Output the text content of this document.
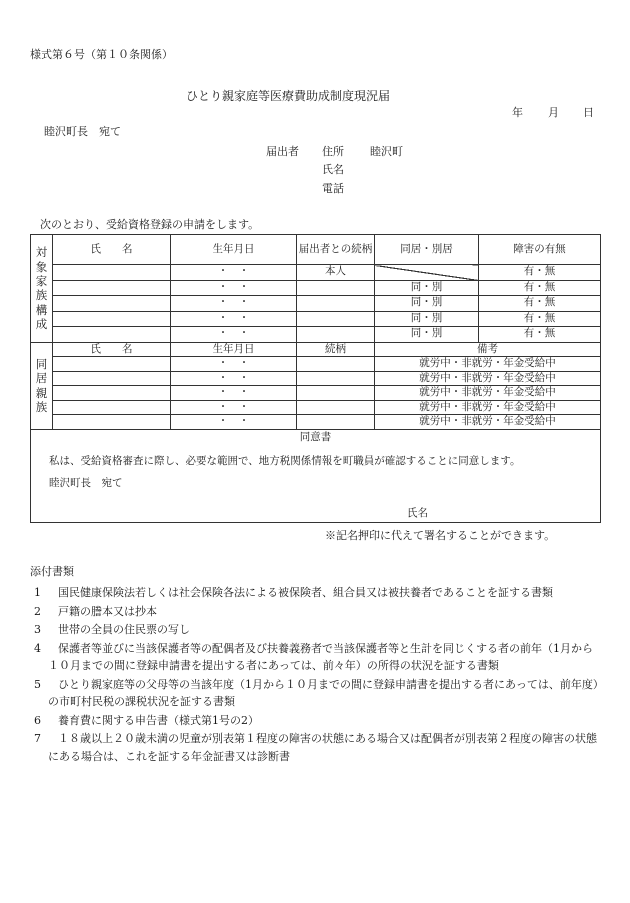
様式第６号（第１０条関係）
ひとり親家庭等医療費助成制度現況届
年 月 日
睦沢町長　宛て
届出者 住所 睦沢町
氏名
電話
次のとおり、受給資格登録の申請をします。
対象家族構成	氏　　名	生年月日	届出者との続柄	同居・別居	障害の有無
		・　・	本人		有・無
		・　・		同・別	有・無
		・　・		同・別	有・無
		・　・		同・別	有・無
		・　・		同・別	有・無
同居親族	氏　　名	生年月日	続柄	備考	
		・　・		就労中・非就労・年金受給中	
		・　・		就労中・非就労・年金受給中	
		・　・		就労中・非就労・年金受給中	
		・　・		就労中・非就労・年金受給中	
		・　・		就労中・非就労・年金受給中	

同意書
私は、受給資格審査に際し、必要な範囲で、地方税関係情報を町職員が確認することに同意します。
睦沢町長　宛て
氏名					
※記名押印に代えて署名することができます。
添付書類
1	国民健康保険法若しくは社会保険各法による被保険者、組合員又は被扶養者であることを証する書類
2	戸籍の謄本又は抄本
3	世帯の全員の住民票の写し
4	保護者等並びに当該保護者等の配偶者及び扶養義務者で当該保護者等と生計を同じくする者の前年（1月から１０月までの間に登録申請書を提出する者にあっては、前々年）の所得の状況を証する書類
5	ひとり親家庭等の父母等の当該年度（1月から１０月までの間に登録申請書を提出する者にあっては、前年度）の市町村民税の課税状況を証する書類
6	養育費に関する申告書（様式第1号の2）
7	１８歳以上２０歳未満の児童が別表第１程度の障害の状態にある場合又は配偶者が別表第２程度の障害の状態にある場合は、これを証する年金証書又は診断書
